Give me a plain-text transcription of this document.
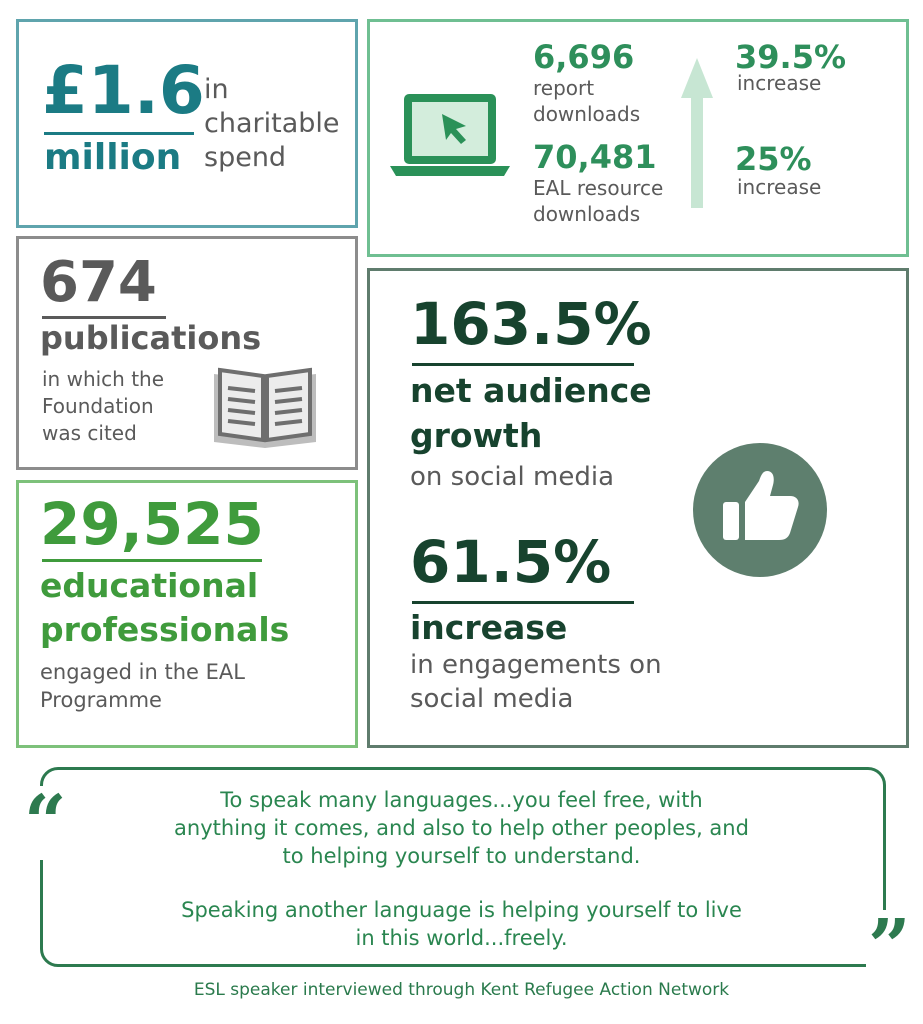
£1.6
million
in
charitable
spend
6,696
report
downloads
70,481
EAL resource
downloads
39.5%
increase
25%
increase
674
publications
in which the
Foundation
was cited
29,525
educational
professionals
engaged in the EAL
Programme
163.5%
net audience
growth
on social media
61.5%
increase
in engagements on
social media
“
”
To speak many languages...you feel free, with
anything it comes, and also to help other peoples, and
to helping yourself to understand.
Speaking another language is helping yourself to live
in this world...freely.
ESL speaker interviewed through Kent Refugee Action Network
